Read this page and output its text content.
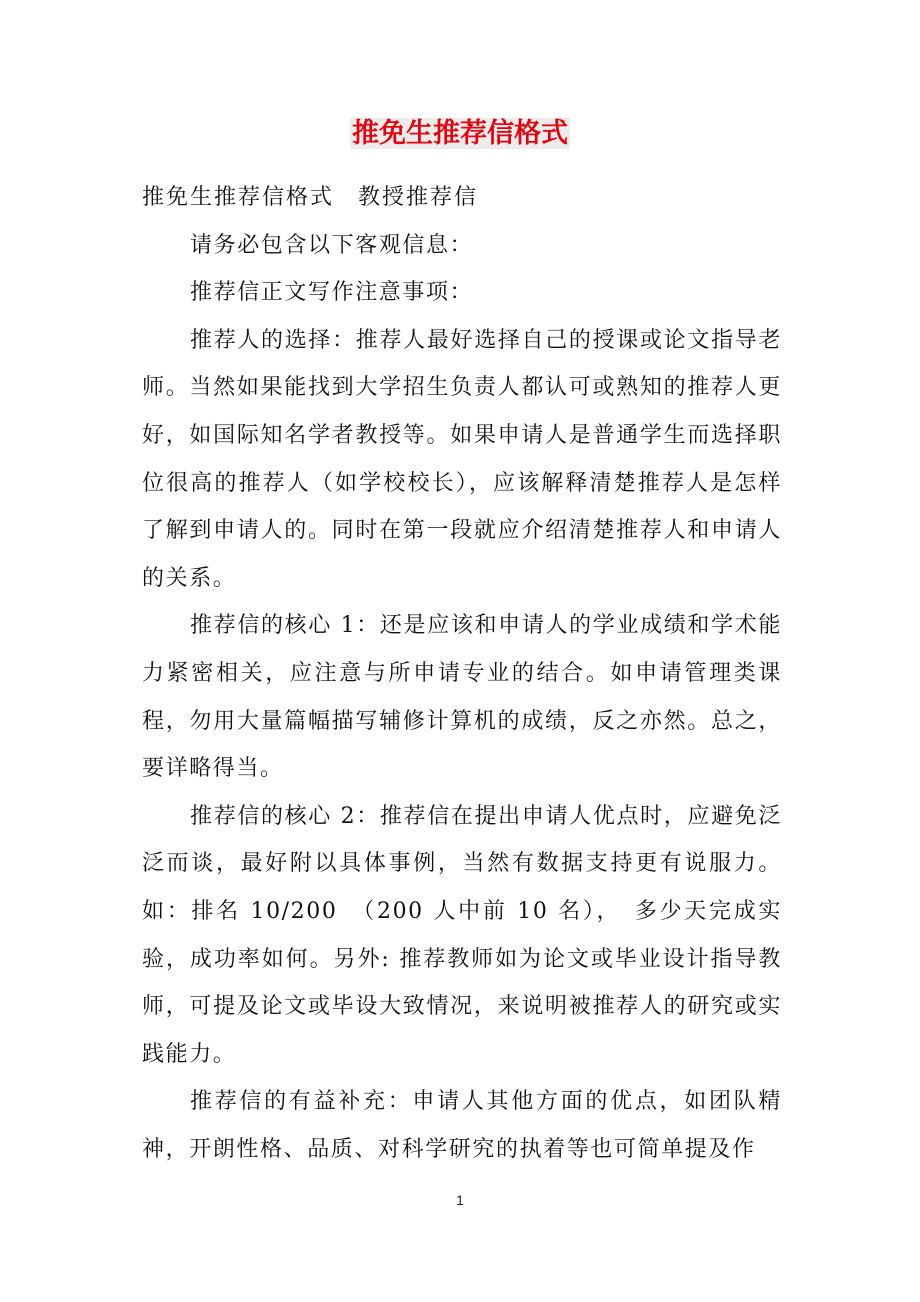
推免生推荐信格式

推免生推荐信格式　教授推荐信

请务必包含以下客观信息：

推荐信正文写作注意事项：

推荐人的选择：推荐人最好选择自己的授课或论文指导老师。当然如果能找到大学招生负责人都认可或熟知的推荐人更好，如国际知名学者教授等。如果申请人是普通学生而选择职位很高的推荐人（如学校校长），应该解释清楚推荐人是怎样了解到申请人的。同时在第一段就应介绍清楚推荐人和申请人的关系。

推荐信的核心 1：还是应该和申请人的学业成绩和学术能力紧密相关，应注意与所申请专业的结合。如申请管理类课程，勿用大量篇幅描写辅修计算机的成绩，反之亦然。总之，要详略得当。

推荐信的核心 2：推荐信在提出申请人优点时，应避免泛泛而谈，最好附以具体事例，当然有数据支持更有说服力。如：排名 10/200　（200 人中前 10 名），　多少天完成实验，成功率如何。另外: 推荐教师如为论文或毕业设计指导教师，可提及论文或毕设大致情况，来说明被推荐人的研究或实践能力。

推荐信的有益补充：申请人其他方面的优点，如团队精神，开朗性格、品质、对科学研究的执着等也可简单提及作

1
